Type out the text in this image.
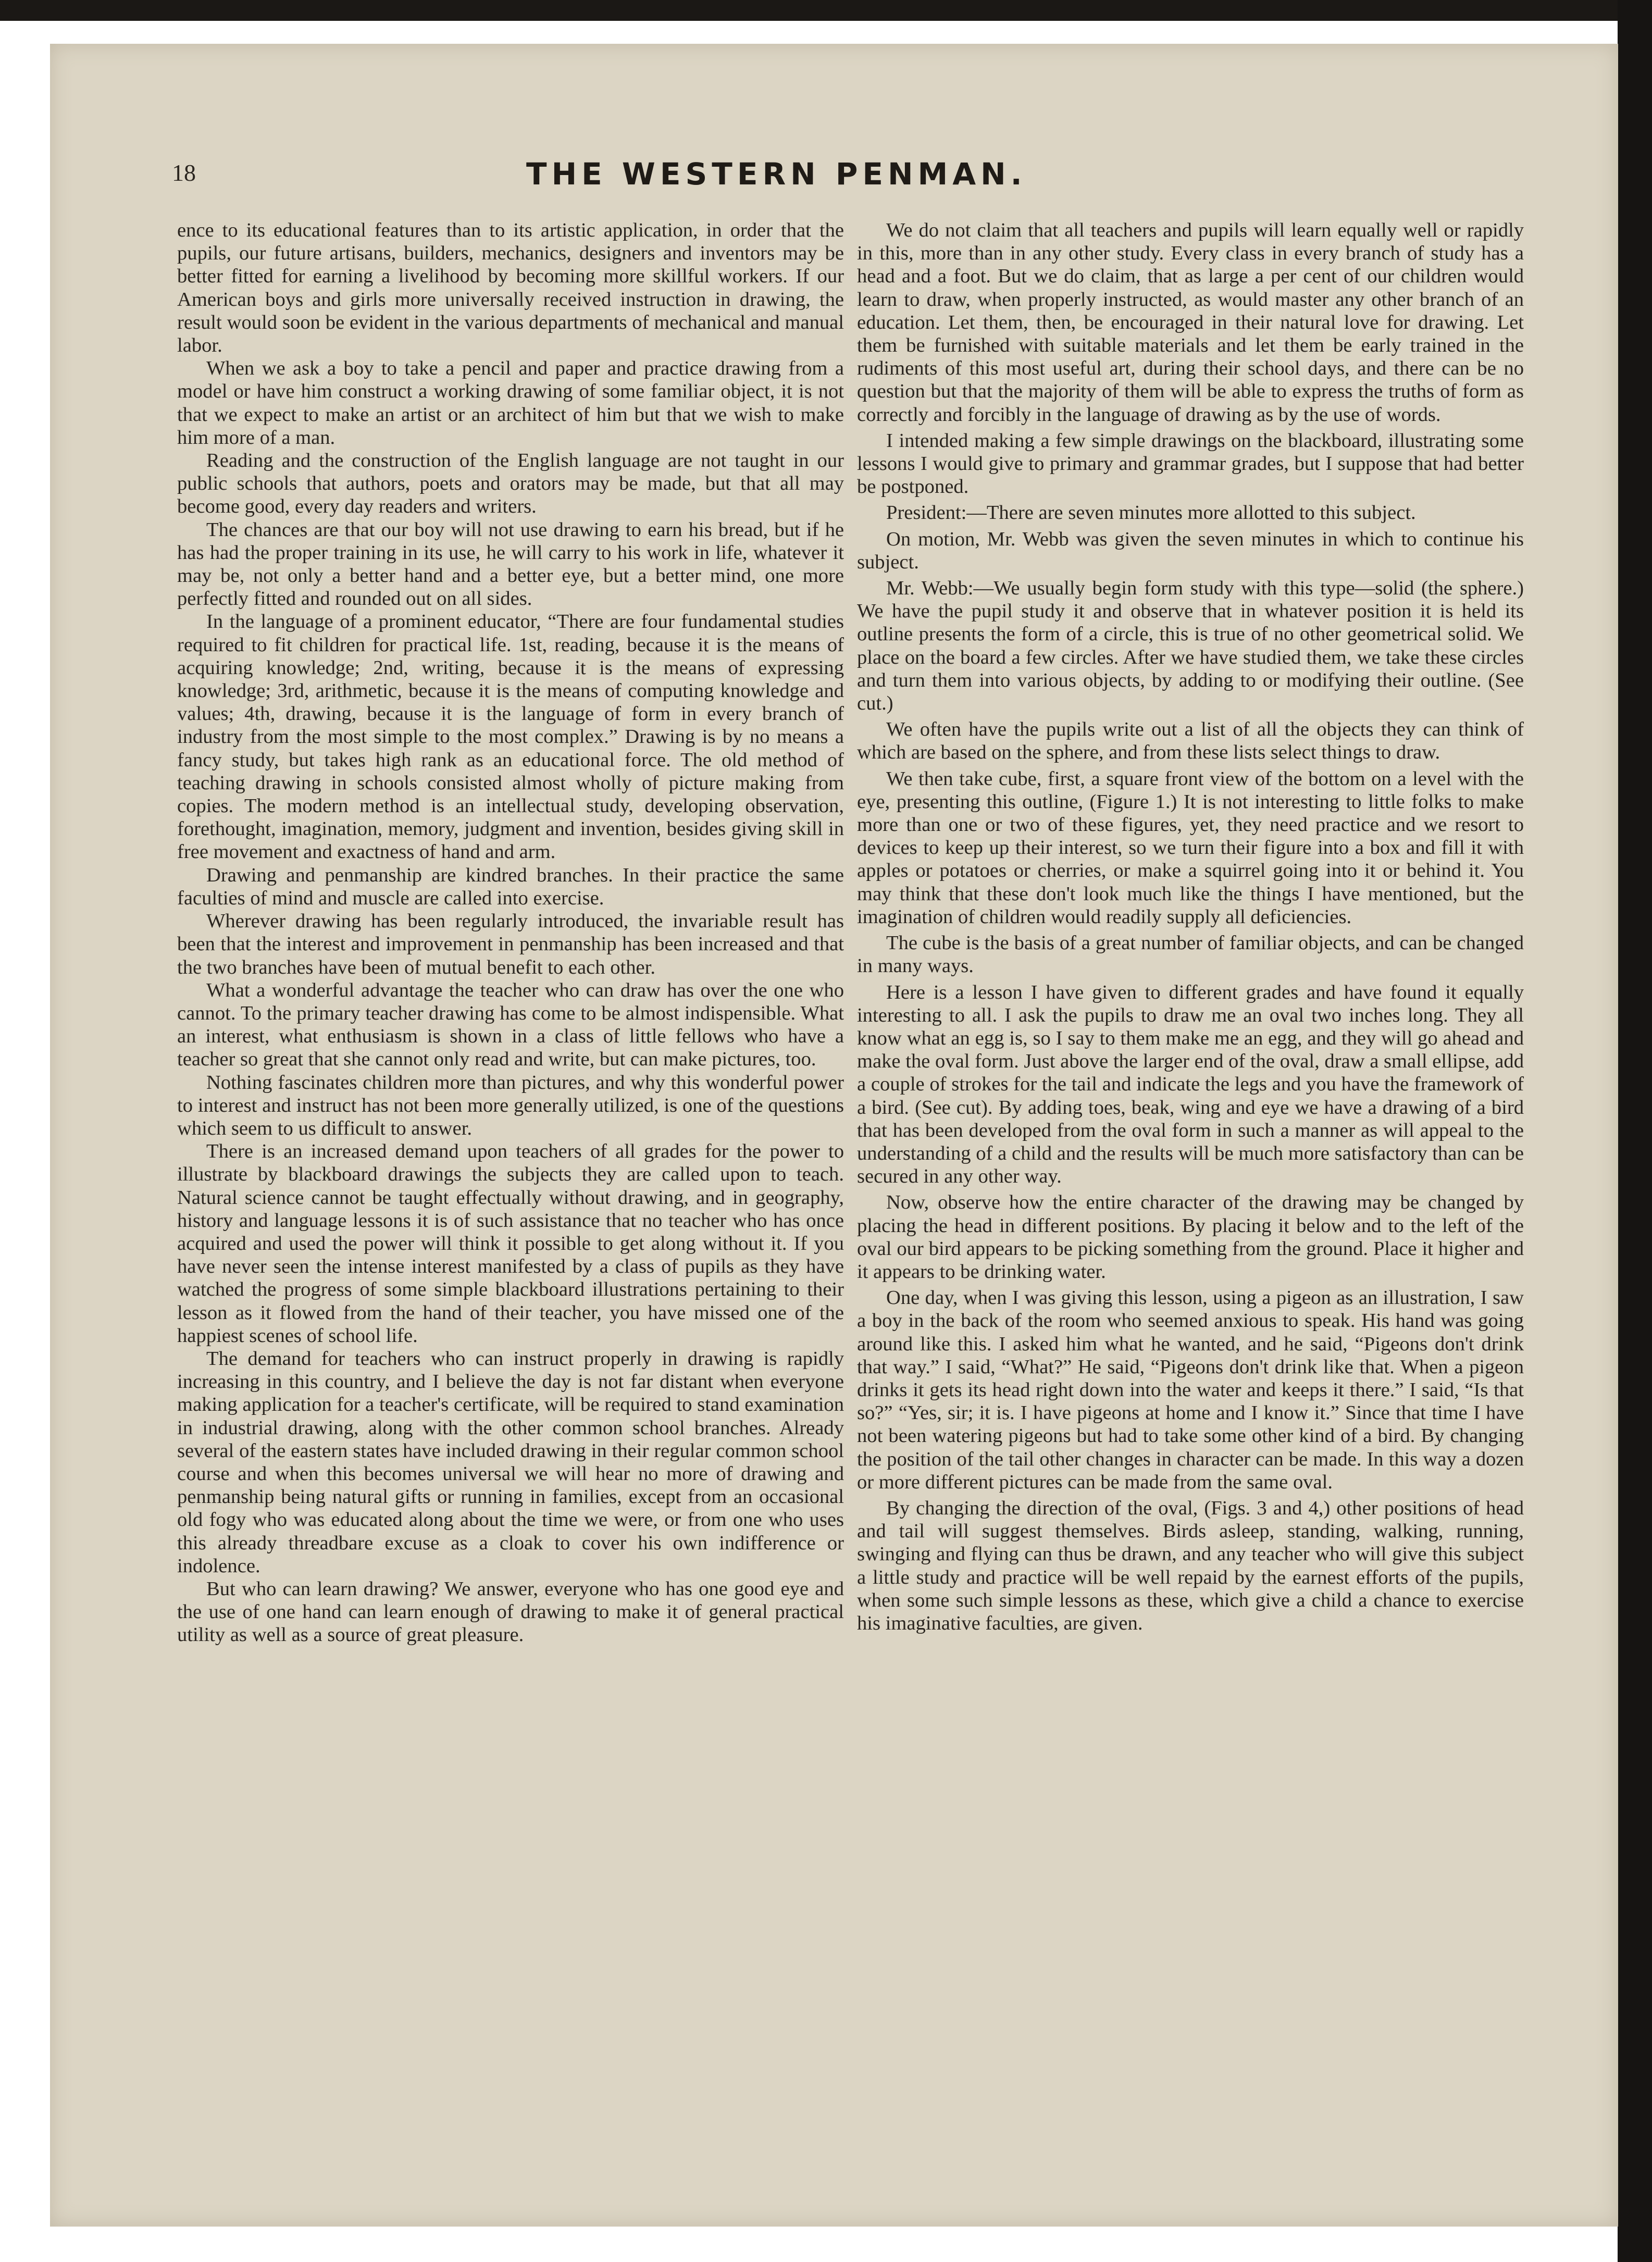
18	THE WESTERN PENMAN.

ence to its educational features than to its artistic application, in order that the pupils, our future artisans, builders, mechanics, designers and inventors may be better fitted for earning a livelihood by becoming more skillful workers. If our American boys and girls more universally received instruction in drawing, the result would soon be evident in the various departments of mechanical and manual labor.

When we ask a boy to take a pencil and paper and practice drawing from a model or have him construct a working drawing of some familiar object, it is not that we expect to make an artist or an architect of him but that we wish to make him more of a man.

Reading and the construction of the English language are not taught in our public schools that authors, poets and orators may be made, but that all may become good, every day readers and writers.

The chances are that our boy will not use drawing to earn his bread, but if he has had the proper training in its use, he will carry to his work in life, whatever it may be, not only a better hand and a better eye, but a better mind, one more perfectly fitted and rounded out on all sides.

In the language of a prominent educator, “There are four fundamental studies required to fit children for practical life. 1st, reading, because it is the means of acquiring knowledge; 2nd, writing, because it is the means of expressing knowledge; 3rd, arithmetic, because it is the means of computing knowledge and values; 4th, drawing, because it is the language of form in every branch of industry from the most simple to the most complex.” Drawing is by no means a fancy study, but takes high rank as an educational force. The old method of teaching drawing in schools consisted almost wholly of picture making from copies. The modern method is an intellectual study, developing observation, forethought, imagination, memory, judgment and invention, besides giving skill in free movement and exactness of hand and arm.

Drawing and penmanship are kindred branches. In their practice the same faculties of mind and muscle are called into exercise.

Wherever drawing has been regularly introduced, the invariable result has been that the interest and improvement in penmanship has been increased and that the two branches have been of mutual benefit to each other.

What a wonderful advantage the teacher who can draw has over the one who cannot. To the primary teacher drawing has come to be almost indispensible. What an interest, what enthusiasm is shown in a class of little fellows who have a teacher so great that she cannot only read and write, but can make pictures, too.

Nothing fascinates children more than pictures, and why this wonderful power to interest and instruct has not been more generally utilized, is one of the questions which seem to us difficult to answer.

There is an increased demand upon teachers of all grades for the power to illustrate by blackboard drawings the subjects they are called upon to teach. Natural science cannot be taught effectually without drawing, and in geography, history and language lessons it is of such assistance that no teacher who has once acquired and used the power will think it possible to get along without it. If you have never seen the intense interest manifested by a class of pupils as they have watched the progress of some simple blackboard illustrations pertaining to their lesson as it flowed from the hand of their teacher, you have missed one of the happiest scenes of school life.

The demand for teachers who can instruct properly in drawing is rapidly increasing in this country, and I believe the day is not far distant when everyone making application for a teacher's certificate, will be required to stand examination in industrial drawing, along with the other common school branches. Already several of the eastern states have included drawing in their regular common school course and when this becomes universal we will hear no more of drawing and penmanship being natural gifts or running in families, except from an occasional old fogy who was educated along about the time we were, or from one who uses this already threadbare excuse as a cloak to cover his own indifference or indolence.

But who can learn drawing? We answer, everyone who has one good eye and the use of one hand can learn enough of drawing to make it of general practical utility as well as a source of great pleasure.

We do not claim that all teachers and pupils will learn equally well or rapidly in this, more than in any other study. Every class in every branch of study has a head and a foot. But we do claim, that as large a per cent of our children would learn to draw, when properly instructed, as would master any other branch of an education. Let them, then, be encouraged in their natural love for drawing. Let them be furnished with suitable materials and let them be early trained in the rudiments of this most useful art, during their school days, and there can be no question but that the majority of them will be able to express the truths of form as correctly and forcibly in the language of drawing as by the use of words.

I intended making a few simple drawings on the blackboard, illustrating some lessons I would give to primary and grammar grades, but I suppose that had better be postponed.

President:—There are seven minutes more allotted to this subject.

On motion, Mr. Webb was given the seven minutes in which to continue his subject.

Mr. Webb:—We usually begin form study with this type—solid (the sphere.) We have the pupil study it and observe that in whatever position it is held its outline presents the form of a circle, this is true of no other geometrical solid. We place on the board a few circles. After we have studied them, we take these circles and turn them into various objects, by adding to or modifying their outline. (See cut.)

We often have the pupils write out a list of all the objects they can think of which are based on the sphere, and from these lists select things to draw.

We then take cube, first, a square front view of the bottom on a level with the eye, presenting this outline, (Figure 1.) It is not interesting to little folks to make more than one or two of these figures, yet, they need practice and we resort to devices to keep up their interest, so we turn their figure into a box and fill it with apples or potatoes or cherries, or make a squirrel going into it or behind it. You may think that these don't look much like the things I have mentioned, but the imagination of children would readily supply all deficiencies.

The cube is the basis of a great number of familiar objects, and can be changed in many ways.

Here is a lesson I have given to different grades and have found it equally interesting to all. I ask the pupils to draw me an oval two inches long. They all know what an egg is, so I say to them make me an egg, and they will go ahead and make the oval form. Just above the larger end of the oval, draw a small ellipse, add a couple of strokes for the tail and indicate the legs and you have the framework of a bird. (See cut). By adding toes, beak, wing and eye we have a drawing of a bird that has been developed from the oval form in such a manner as will appeal to the understanding of a child and the results will be much more satisfactory than can be secured in any other way.

Now, observe how the entire character of the drawing may be changed by placing the head in different positions. By placing it below and to the left of the oval our bird appears to be picking something from the ground. Place it higher and it appears to be drinking water.

One day, when I was giving this lesson, using a pigeon as an illustration, I saw a boy in the back of the room who seemed anxious to speak. His hand was going around like this. I asked him what he wanted, and he said, “Pigeons don't drink that way.” I said, “What?” He said, “Pigeons don't drink like that. When a pigeon drinks it gets its head right down into the water and keeps it there.” I said, “Is that so?” “Yes, sir; it is. I have pigeons at home and I know it.” Since that time I have not been watering pigeons but had to take some other kind of a bird. By changing the position of the tail other changes in character can be made. In this way a dozen or more different pictures can be made from the same oval.

By changing the direction of the oval, (Figs. 3 and 4,) other positions of head and tail will suggest themselves. Birds asleep, standing, walking, running, swinging and flying can thus be drawn, and any teacher who will give this subject a little study and practice will be well repaid by the earnest efforts of the pupils, when some such simple lessons as these, which give a child a chance to exercise his imaginative faculties, are given.
